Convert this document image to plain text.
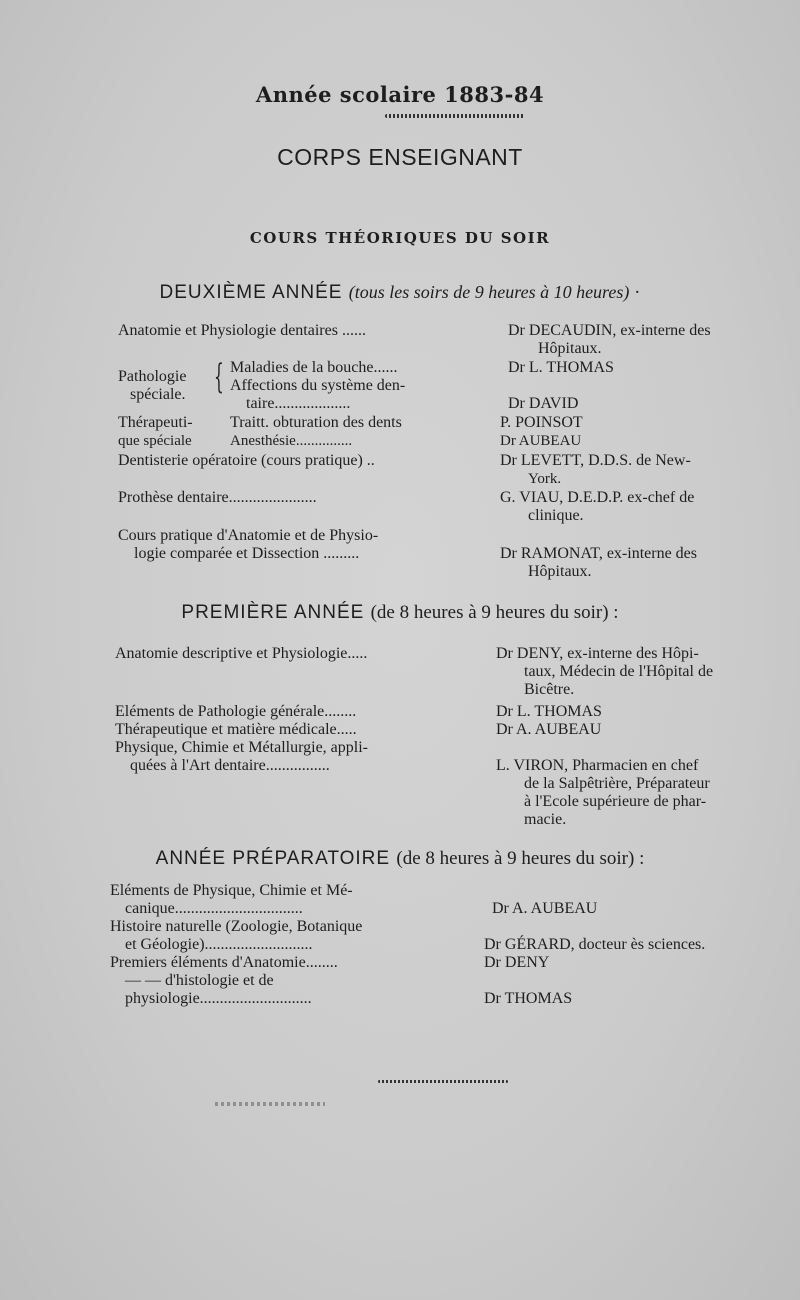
Année scolaire 1883-84
CORPS ENSEIGNANT
COURS THÉORIQUES DU SOIR
DEUXIÈME ANNÉE (tous les soirs de 9 heures à 10 heures) ·
Anatomie et Physiologie dentaires ......	Dr DECAUDIN, ex-interne des
Hôpitaux.
Pathologie
spéciale. { Maladies de la bouche......	Dr L. THOMAS
Affections du système den-
taire...................	Dr DAVID
Thérapeuti-
que spéciale
Traitt. obturation des dents	P. POINSOT
Anesthésie...............	Dr AUBEAU
Dentisterie opératoire (cours pratique) ..	Dr LEVETT, D.D.S. de New-
York.
Prothèse dentaire......................	G. VIAU, D.E.D.P. ex-chef de
clinique.
Cours pratique d'Anatomie et de Physio-
logie comparée et Dissection .........	Dr RAMONAT, ex-interne des
Hôpitaux.
PREMIÈRE ANNÉE (de 8 heures à 9 heures du soir) :
Anatomie descriptive et Physiologie.....	Dr DENY, ex-interne des Hôpi-
taux, Médecin de l'Hôpital de
Bicêtre.
Eléments de Pathologie générale........	Dr L. THOMAS
Thérapeutique et matière médicale.....	Dr A. AUBEAU
Physique, Chimie et Métallurgie, appli-
quées à l'Art dentaire................	L. VIRON, Pharmacien en chef
de la Salpêtrière, Préparateur
à l'Ecole supérieure de phar-
macie.
ANNÉE PRÉPARATOIRE (de 8 heures à 9 heures du soir) :
Eléments de Physique, Chimie et Mé-
canique................................	Dr A. AUBEAU
Histoire naturelle (Zoologie, Botanique
et Géologie)...........................	Dr GÉRARD, docteur ès sciences.
Premiers éléments d'Anatomie........	Dr DENY
— — d'histologie et de
physiologie............................	Dr THOMAS
